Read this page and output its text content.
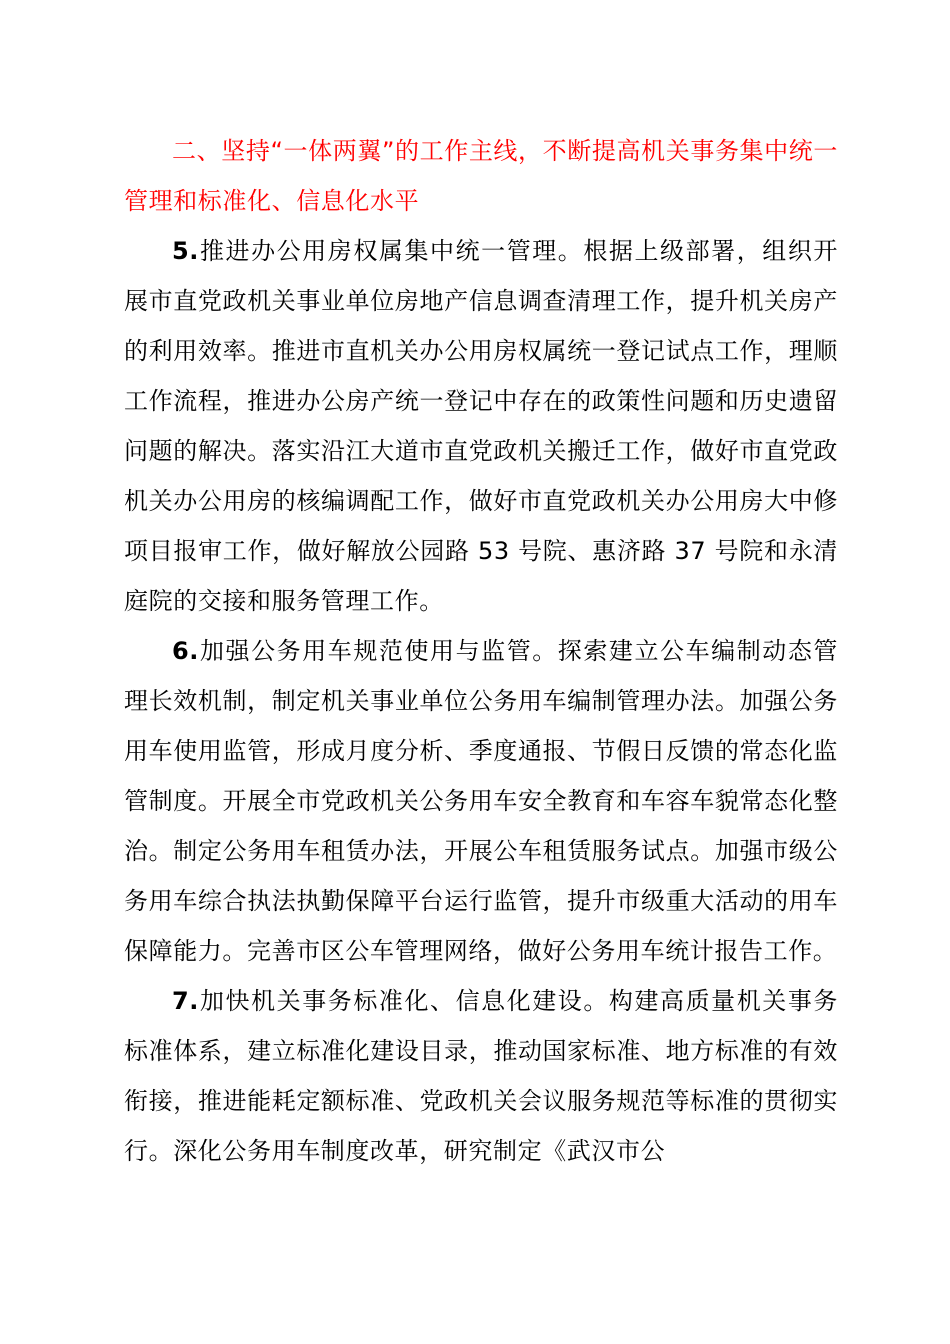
二、坚持“一体两翼”的工作主线，不断提高机关事务集中统一管理和标准化、信息化水平

5.推进办公用房权属集中统一管理。根据上级部署，组织开展市直党政机关事业单位房地产信息调查清理工作，提升机关房产的利用效率。推进市直机关办公用房权属统一登记试点工作，理顺工作流程，推进办公房产统一登记中存在的政策性问题和历史遗留问题的解决。落实沿江大道市直党政机关搬迁工作，做好市直党政机关办公用房的核编调配工作，做好市直党政机关办公用房大中修项目报审工作，做好解放公园路 53 号院、惠济路 37 号院和永清庭院的交接和服务管理工作。

6.加强公务用车规范使用与监管。探索建立公车编制动态管理长效机制，制定机关事业单位公务用车编制管理办法。加强公务用车使用监管，形成月度分析、季度通报、节假日反馈的常态化监管制度。开展全市党政机关公务用车安全教育和车容车貌常态化整治。制定公务用车租赁办法，开展公车租赁服务试点。加强市级公务用车综合执法执勤保障平台运行监管，提升市级重大活动的用车保障能力。完善市区公车管理网络，做好公务用车统计报告工作。

7.加快机关事务标准化、信息化建设。构建高质量机关事务标准体系，建立标准化建设目录，推动国家标准、地方标准的有效衔接，推进能耗定额标准、党政机关会议服务规范等标准的贯彻实行。深化公务用车制度改革，研究制定《武汉市公
